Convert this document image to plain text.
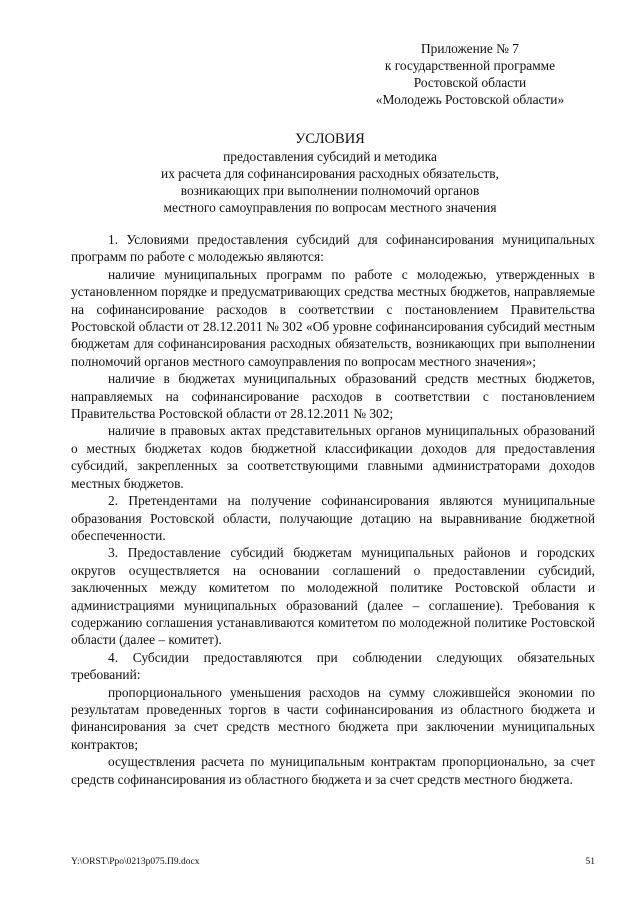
Приложение № 7
к государственной программе
Ростовской области
«Молодежь Ростовской области»
УСЛОВИЯ
предоставления субсидий и методика
их расчета для софинансирования расходных обязательств,
возникающих при выполнении полномочий органов
местного самоуправления по вопросам местного значения

1. Условиями предоставления субсидий для софинансирования муниципальных программ по работе с молодежью являются:

наличие муниципальных программ по работе с молодежью, утвержденных в установленном порядке и предусматривающих средства местных бюджетов, направляемые на софинансирование расходов в соответствии с постановлением Правительства Ростовской области от 28.12.2011 № 302 «Об уровне софинансирования субсидий местным бюджетам для софинансирования расходных обязательств, возникающих при выполнении полномочий органов местного самоуправления по вопросам местного значения»;

наличие в бюджетах муниципальных образований средств местных бюджетов, направляемых на софинансирование расходов в соответствии с постановлением Правительства Ростовской области от 28.12.2011 № 302;

наличие в правовых актах представительных органов муниципальных образований о местных бюджетах кодов бюджетной классификации доходов для предоставления субсидий, закрепленных за соответствующими главными администраторами доходов местных бюджетов.

2. Претендентами на получение софинансирования являются муниципальные образования Ростовской области, получающие дотацию на выравнивание бюджетной обеспеченности.

3. Предоставление субсидий бюджетам муниципальных районов и городских округов осуществляется на основании соглашений о предоставлении субсидий, заключенных между комитетом по молодежной политике Ростовской области и администрациями муниципальных образований (далее – соглашение). Требования к содержанию соглашения устанавливаются комитетом по молодежной политике Ростовской области (далее – комитет).

4. Субсидии предоставляются при соблюдении следующих обязательных требований:

пропорционального уменьшения расходов на сумму сложившейся экономии по результатам проведенных торгов в части софинансирования из областного бюджета и финансирования за счет средств местного бюджета при заключении муниципальных контрактов;

осуществления расчета по муниципальным контрактам пропорционально, за счет средств софинансирования из областного бюджета и за счет средств местного бюджета.

Y:\ORST\Ppo\0213p075.П9.docx	51
